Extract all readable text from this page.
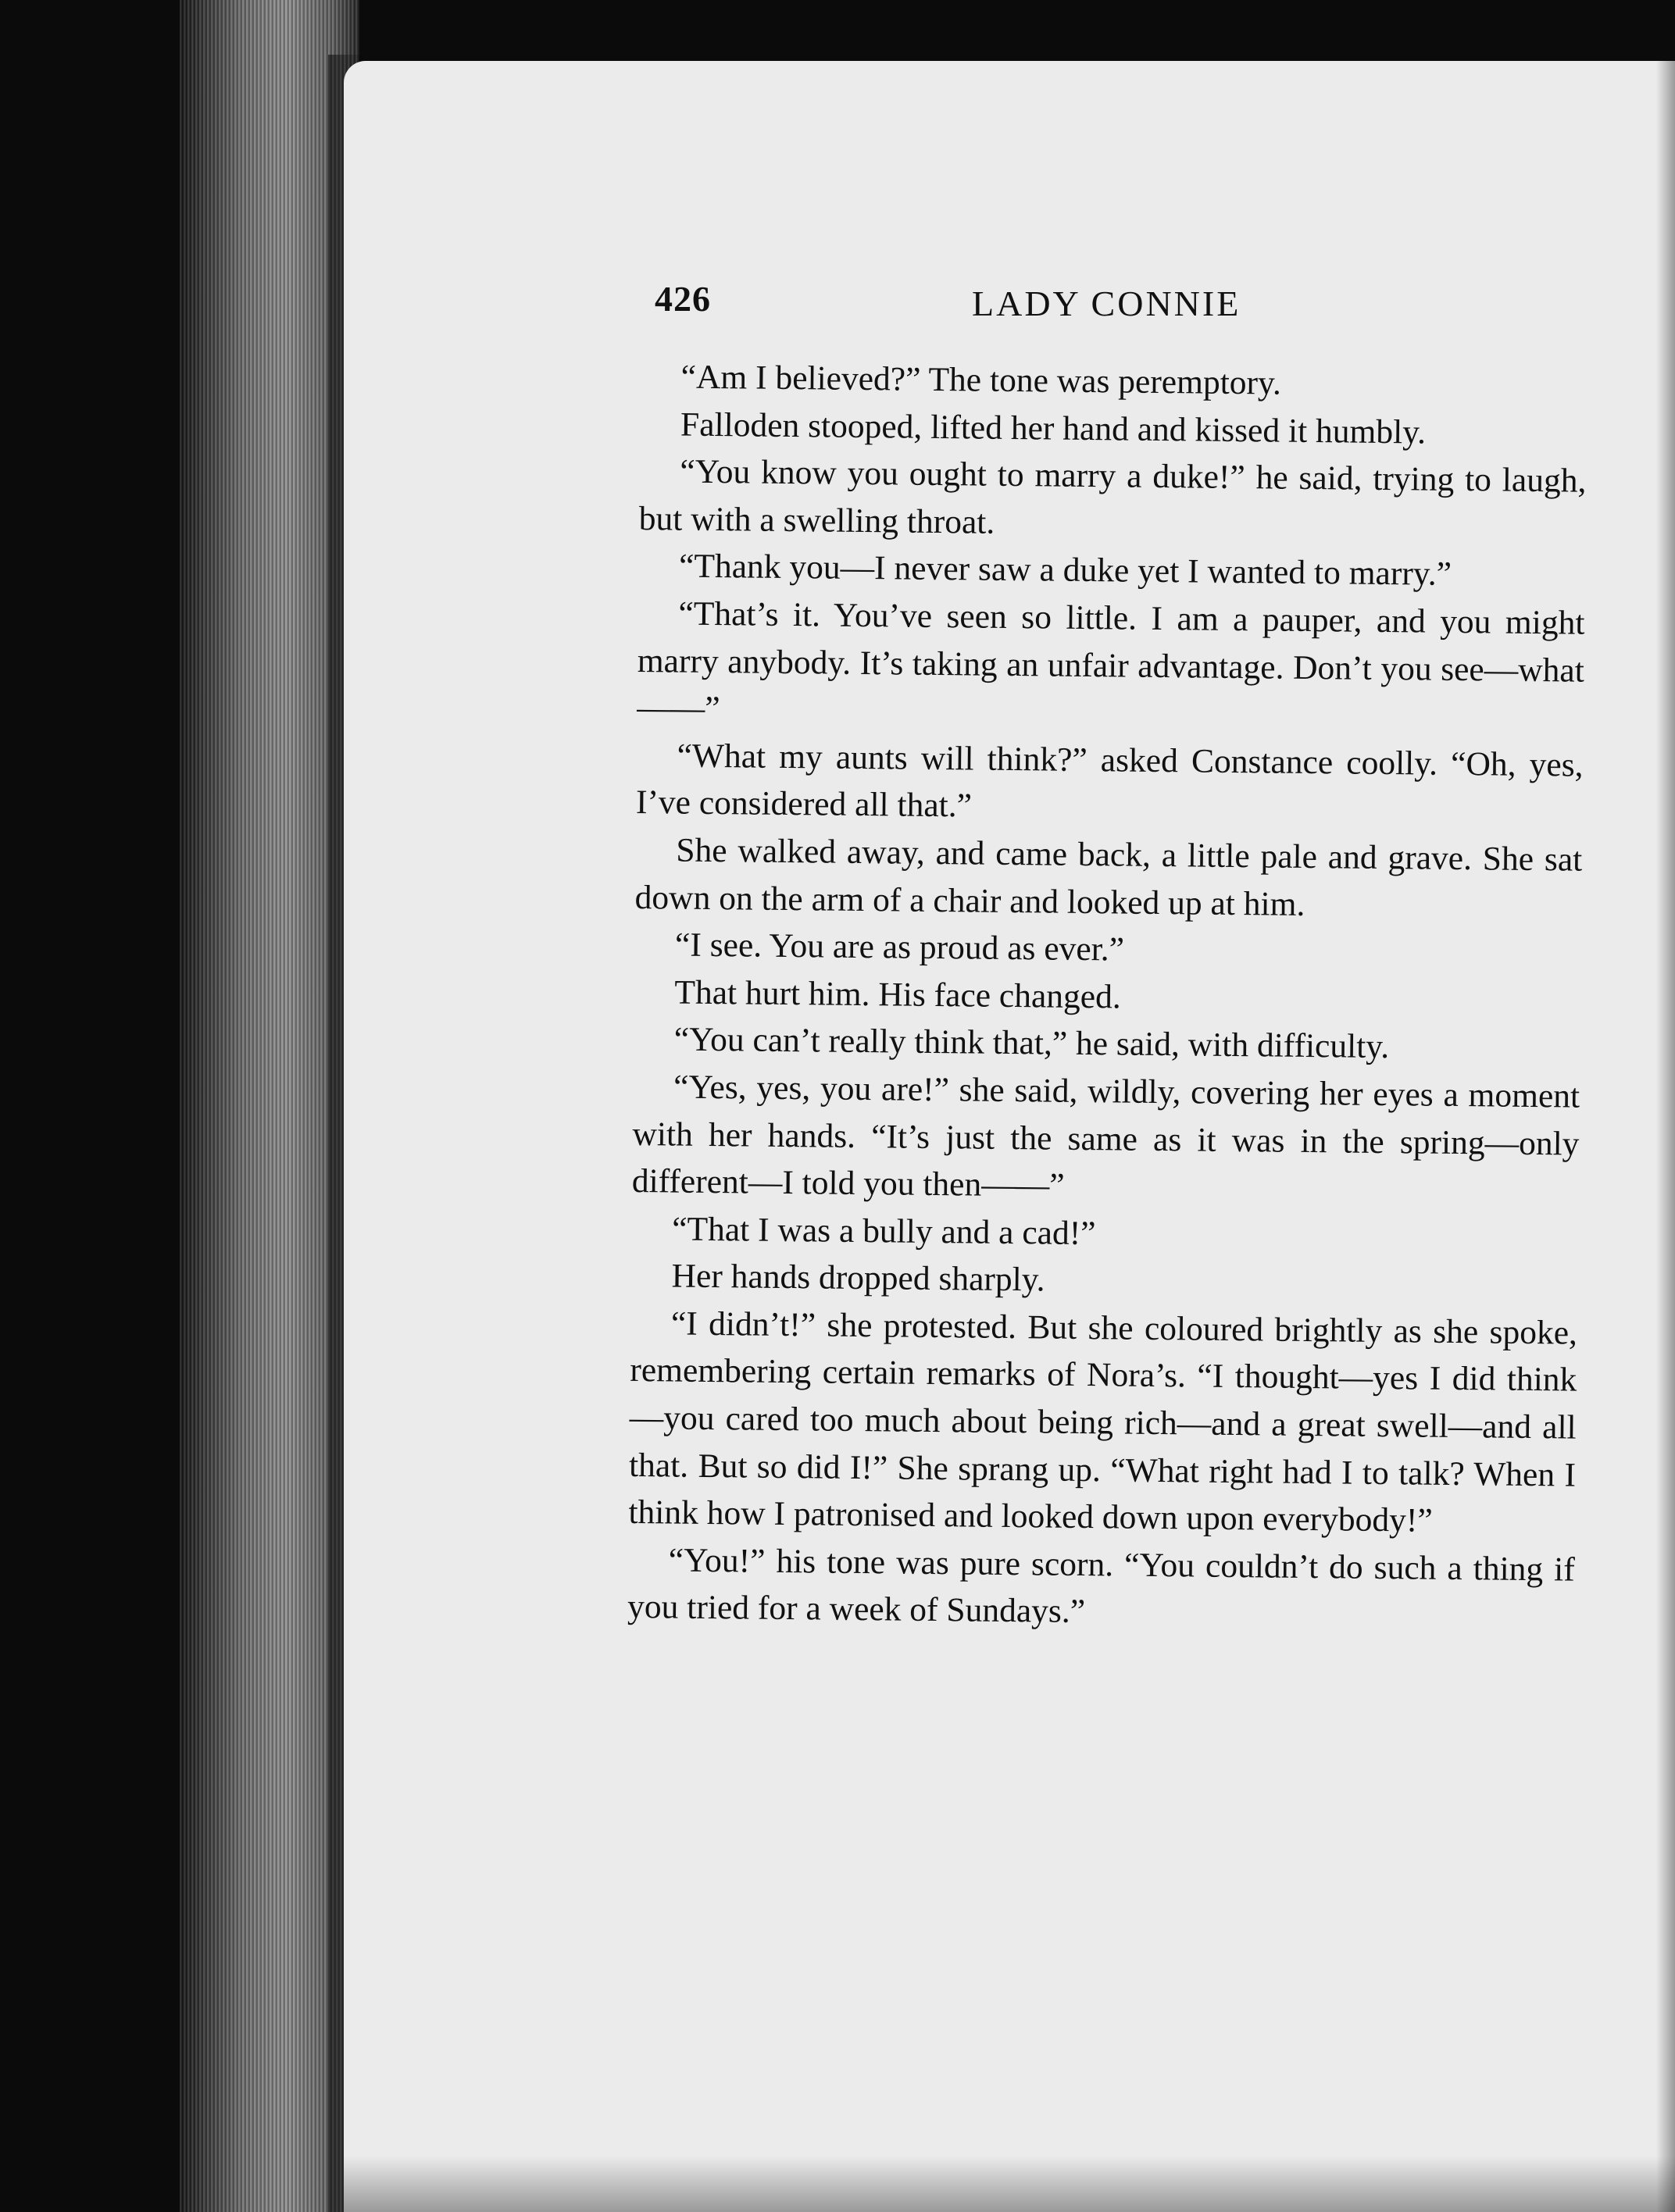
426	LADY CONNIE

“Am I believed?” The tone was peremptory.

Falloden stooped, lifted her hand and kissed it humbly.

“You know you ought to marry a duke!” he said, trying to laugh, but with a swelling throat.

“Thank you—I never saw a duke yet I wanted to marry.”

“That’s it. You’ve seen so little. I am a pauper, and you might marry anybody. It’s taking an unfair advantage. Don’t you see—what——”

“What my aunts will think?” asked Constance coolly. “Oh, yes, I’ve considered all that.”

She walked away, and came back, a little pale and grave. She sat down on the arm of a chair and looked up at him.

“I see. You are as proud as ever.”

That hurt him. His face changed.

“You can’t really think that,” he said, with difficulty.

“Yes, yes, you are!” she said, wildly, covering her eyes a moment with her hands. “It’s just the same as it was in the spring—only different—I told you then——”

“That I was a bully and a cad!”

Her hands dropped sharply.

“I didn’t!” she protested. But she coloured brightly as she spoke, remembering certain remarks of Nora’s. “I thought—yes I did think—you cared too much about being rich—and a great swell—and all that. But so did I!” She sprang up. “What right had I to talk? When I think how I patronised and looked down upon everybody!”

“You!” his tone was pure scorn. “You couldn’t do such a thing if you tried for a week of Sundays.”
